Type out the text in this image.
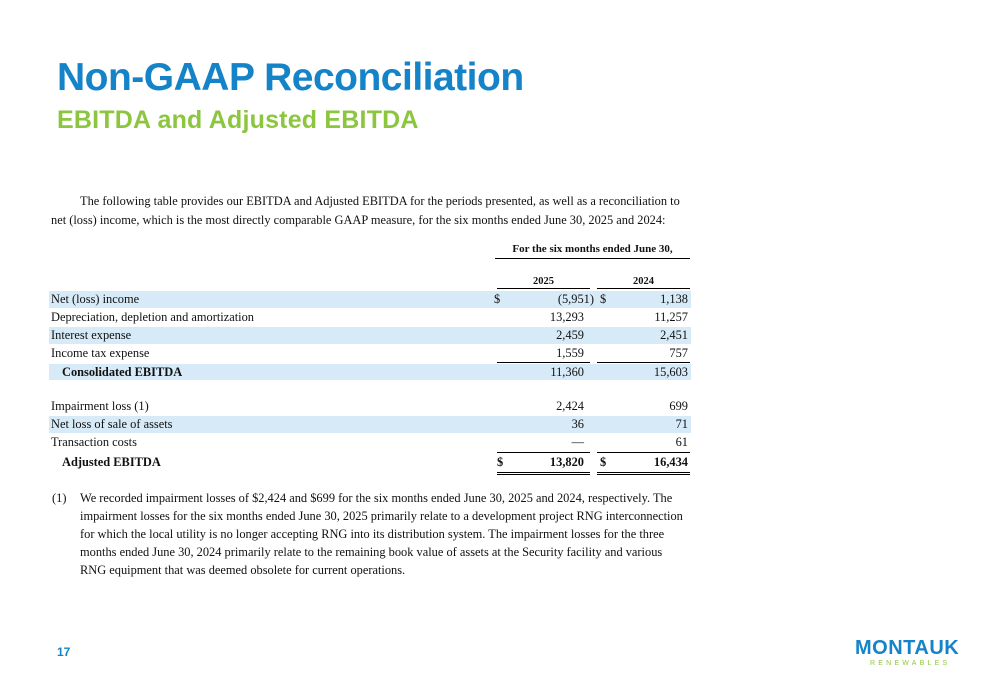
Non-GAAP Reconciliation
EBITDA and Adjusted EBITDA

The following table provides our EBITDA and Adjusted EBITDA for the periods presented, as well as a reconciliation to net (loss) income, which is the most directly comparable GAAP measure, for the six months ended June 30, 2025 and 2024:

For the six months ended June 30,
2025	2024
Net (loss) income	$	(5,951) $	1,138
Depreciation, depletion and amortization	13,293	11,257
Interest expense	2,459	2,451
Income tax expense	1,559	757
Consolidated EBITDA	11,360	15,603
Impairment loss (1)	2,424	699
Net loss of sale of assets	36	71
Transaction costs	—	61
Adjusted EBITDA	$	13,820 $	16,434
(1) We recorded impairment losses of $2,424 and $699 for the six months ended June 30, 2025 and 2024, respectively. The impairment losses for the six months ended June 30, 2025 primarily relate to a development project RNG interconnection for which the local utility is no longer accepting RNG into its distribution system. The impairment losses for the three months ended June 30, 2024 primarily relate to the remaining book value of assets at the Security facility and various RNG equipment that was deemed obsolete for current operations.
17	MONTAUK
RENEWABLES
